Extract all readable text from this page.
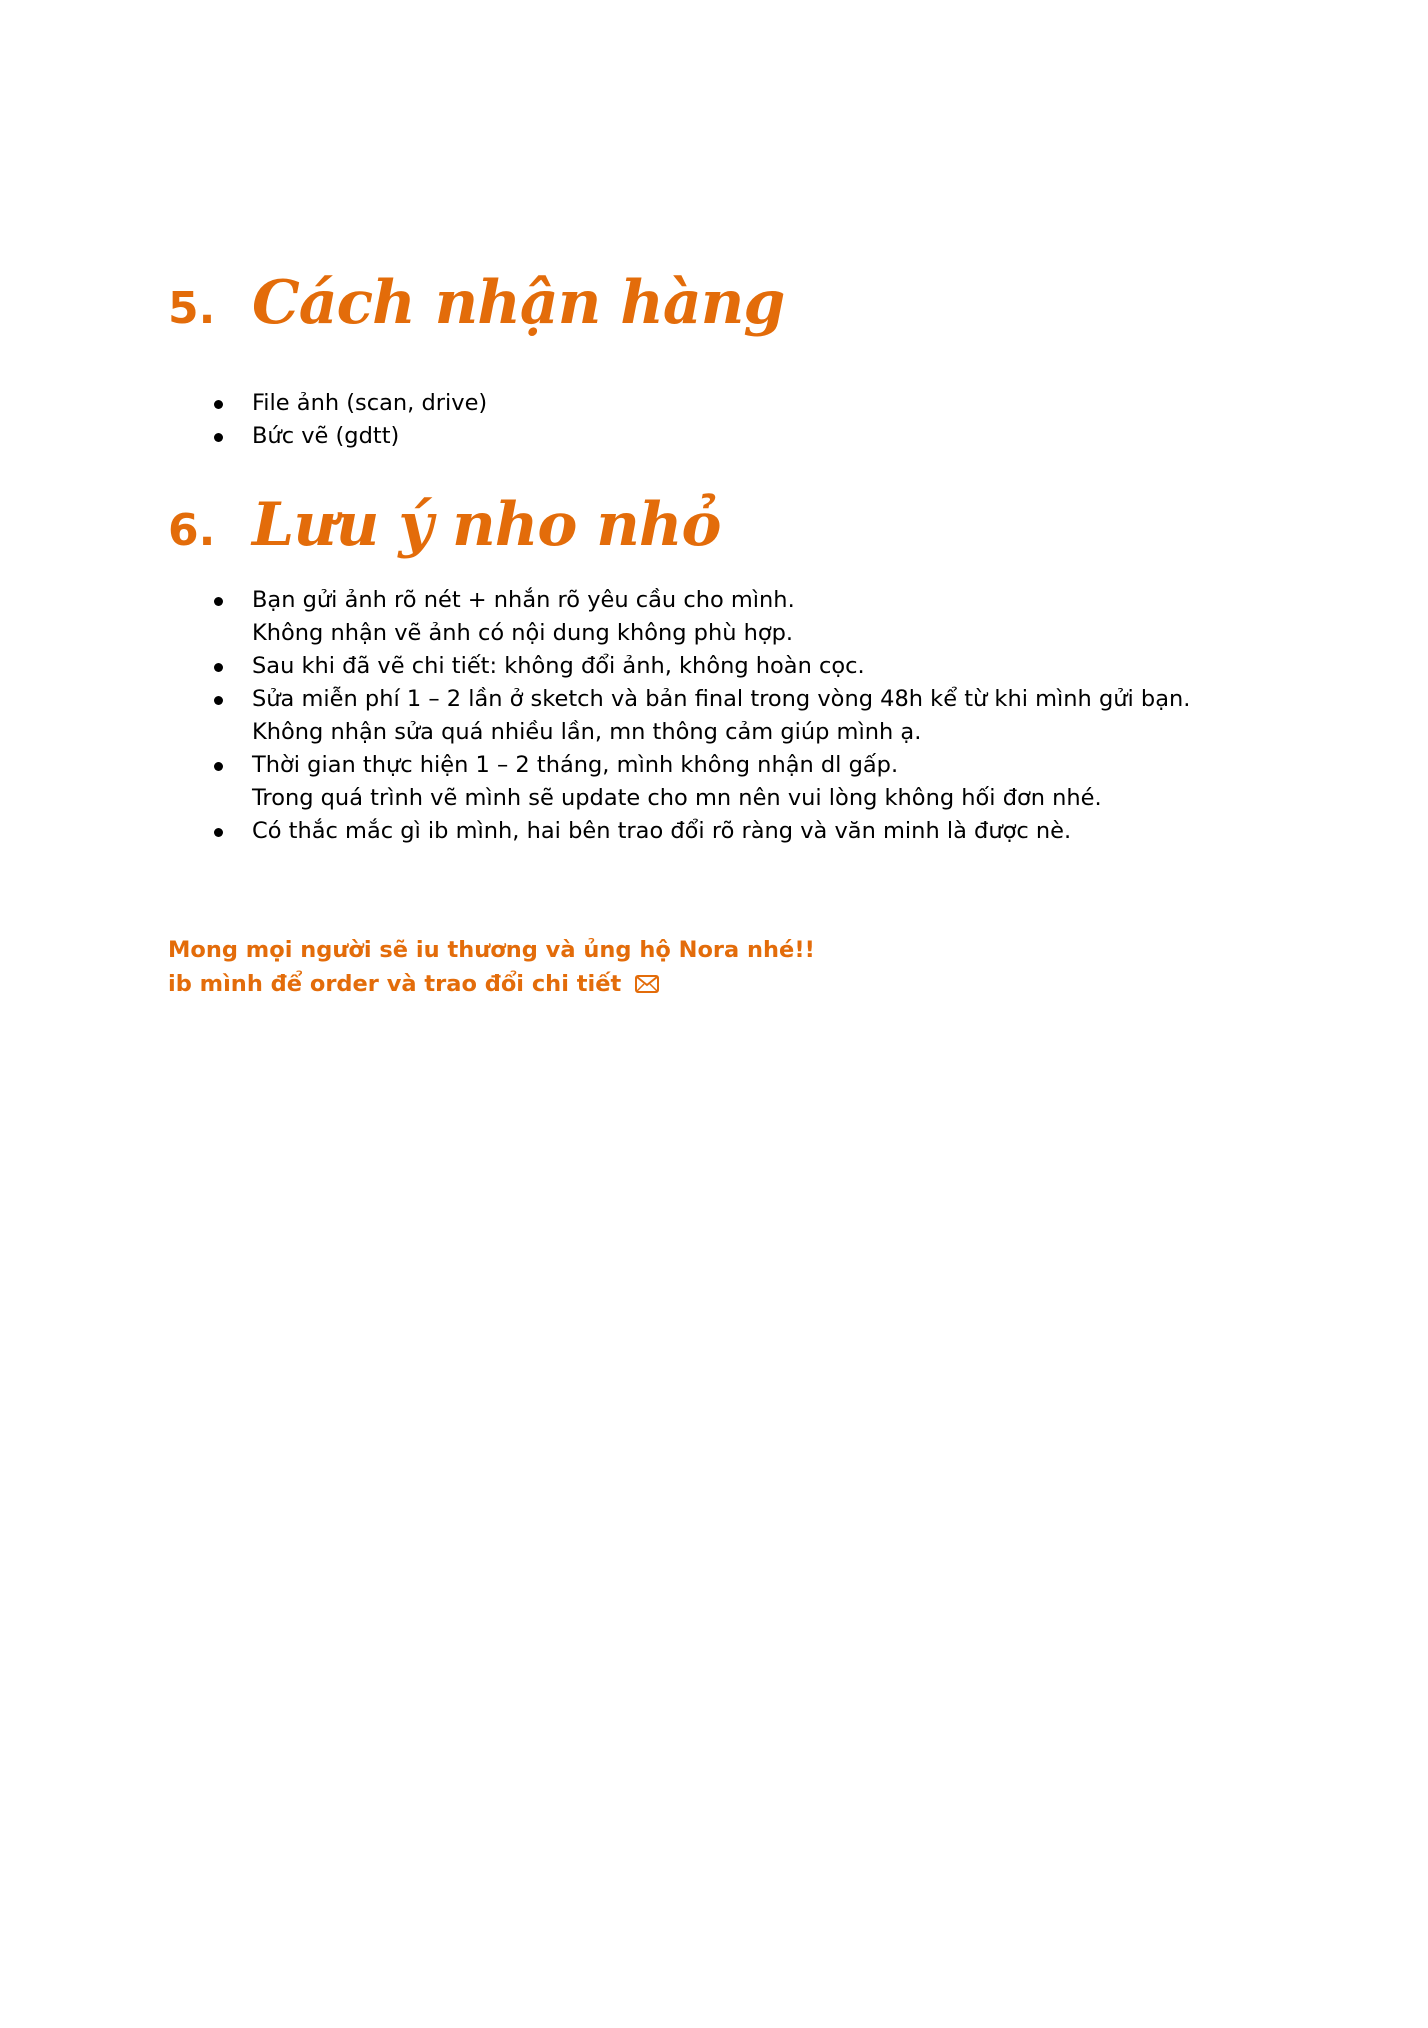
5. Cách nhận hàng
File ảnh (scan, drive)
Bức vẽ (gdtt)
6. Lưu ý nho nhỏ
Bạn gửi ảnh rõ nét + nhắn rõ yêu cầu cho mình.
Không nhận vẽ ảnh có nội dung không phù hợp.
Sau khi đã vẽ chi tiết: không đổi ảnh, không hoàn cọc.
Sửa miễn phí 1 – 2 lần ở sketch và bản final trong vòng 48h kể từ khi mình gửi bạn.
Không nhận sửa quá nhiều lần, mn thông cảm giúp mình ạ.
Thời gian thực hiện 1 – 2 tháng, mình không nhận dl gấp.
Trong quá trình vẽ mình sẽ update cho mn nên vui lòng không hối đơn nhé.
Có thắc mắc gì ib mình, hai bên trao đổi rõ ràng và văn minh là được nè.
Mong mọi người sẽ iu thương và ủng hộ Nora nhé!!
ib mình để order và trao đổi chi tiết
